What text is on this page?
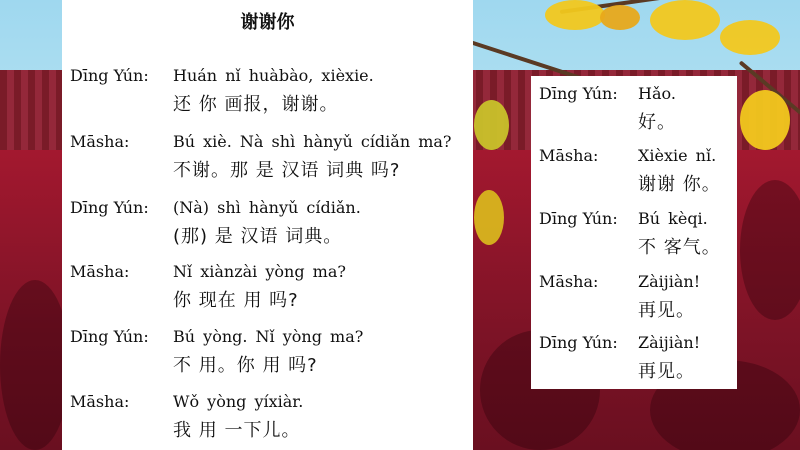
谢谢你
Dīng Yún: Huán nǐ huàbào, xièxie.
还 你 画报，谢谢。
Māsha:	Bú xiè. Nà shì hànyǔ cídiǎn ma?
不谢。那 是 汉语 词典 吗?
Dīng Yún: (Nà) shì hànyǔ cídiǎn.
(那) 是 汉语 词典。
Māsha:	Nǐ xiànzài yòng ma?
你 现在 用 吗?
Dīng Yún: Bú yòng. Nǐ yòng ma?
不 用。你 用 吗?
Māsha:	Wǒ yòng yíxiàr.
我 用 一下儿。
Dīng Yún: Hǎo.
好。
Māsha: Xièxie nǐ.
谢谢 你。
Dīng Yún: Bú kèqi.
不 客气。
Māsha: Zàijiàn!
再见。
Dīng Yún: Zàijiàn!
再见。
